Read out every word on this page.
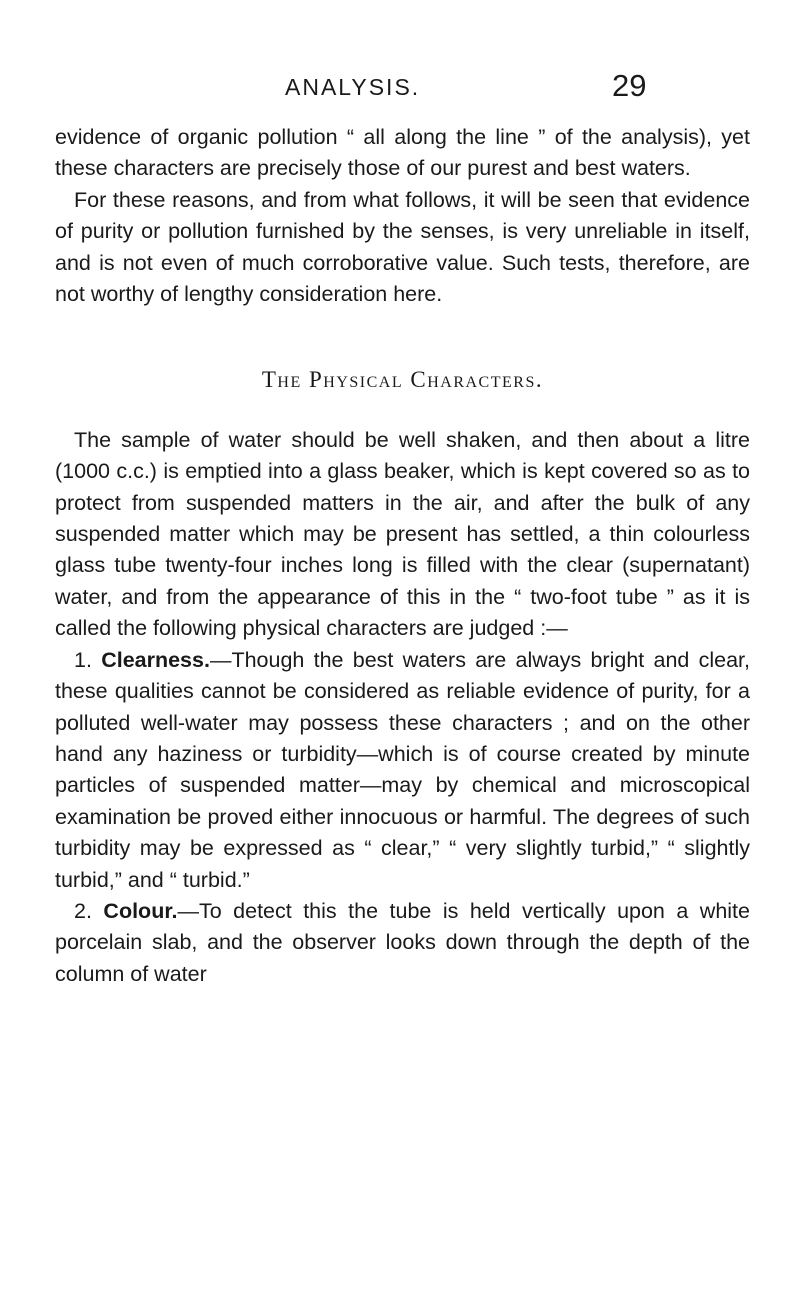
ANALYSIS.	29

evidence of organic pollution “ all along the line ” of the analysis), yet these characters are precisely those of our purest and best waters.

For these reasons, and from what follows, it will be seen that evidence of purity or pollution furnished by the senses, is very unreliable in itself, and is not even of much corroborative value. Such tests, therefore, are not worthy of lengthy consideration here.

The Physical Characters.

The sample of water should be well shaken, and then about a litre (1000 c.c.) is emptied into a glass beaker, which is kept covered so as to protect from suspended matters in the air, and after the bulk of any suspended matter which may be present has settled, a thin colourless glass tube twenty-four inches long is filled with the clear (supernatant) water, and from the appearance of this in the “ two-foot tube ” as it is called the following physical characters are judged :—

1. Clearness.—Though the best waters are always bright and clear, these qualities cannot be considered as reliable evidence of purity, for a polluted well-water may possess these characters ; and on the other hand any haziness or turbidity—which is of course created by minute particles of suspended matter—may by chemical and microscopical examination be proved either innocuous or harmful. The degrees of such turbidity may be expressed as “ clear,” “ very slightly turbid,” “ slightly turbid,” and “ turbid.”

2. Colour.—To detect this the tube is held vertically upon a white porcelain slab, and the observer looks down through the depth of the column of water
